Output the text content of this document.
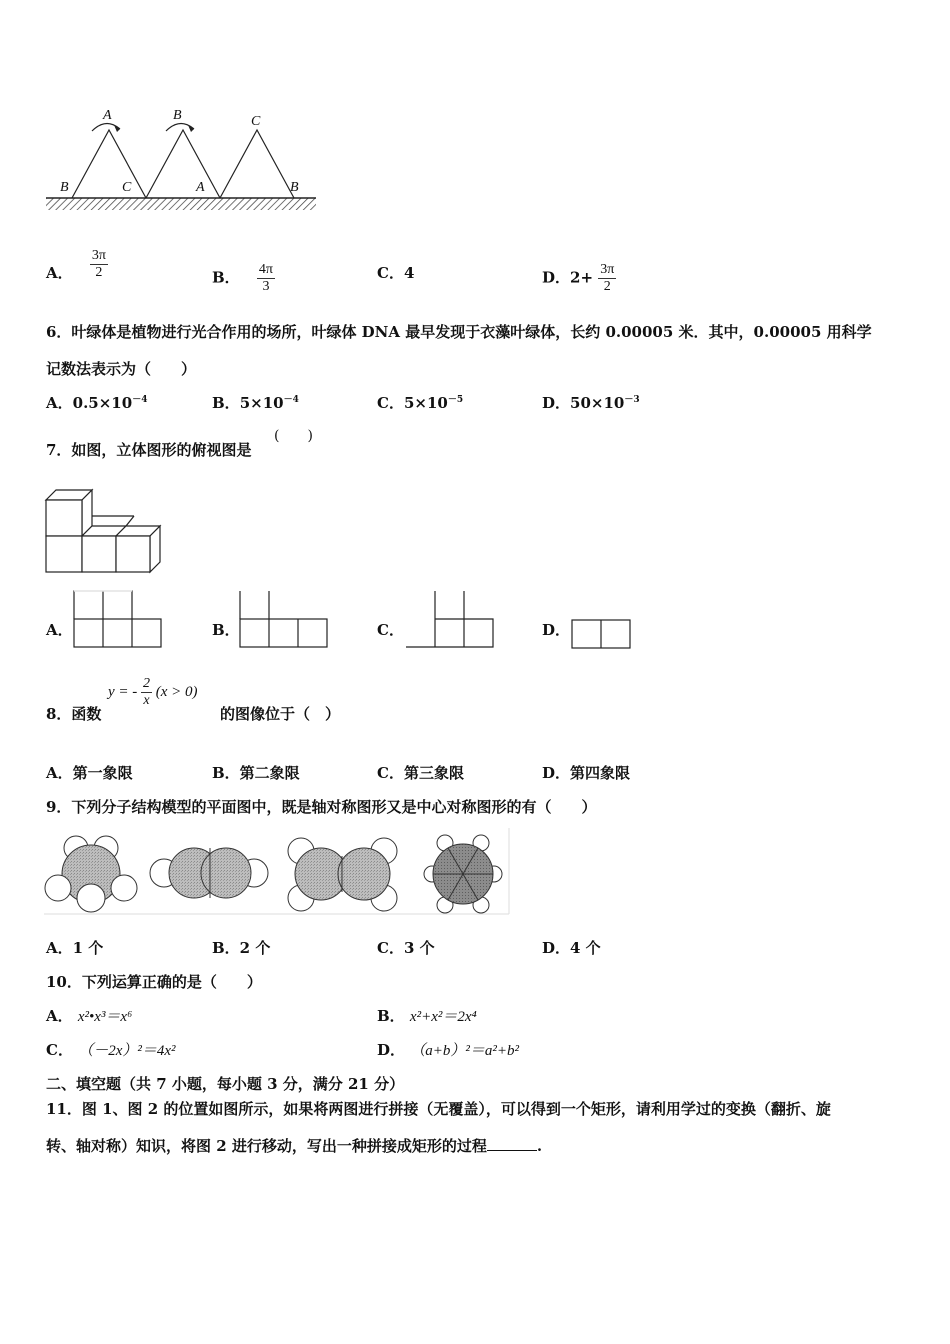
A
B
B
C
C
A	B
A． $\frac{3\pi}{2}$	B． $\frac{4\pi}{3}$	C．4	D．$2+ \frac{3\pi}{2}$
6．叶绿体是植物进行光合作用的场所，叶绿体 DNA 最早发现于衣藻叶绿体，长约 0.00005 米．其中，0.00005 用科学
记数法表示为（　　）
A．$0.5\times 10^{-4}$	B．$5\times 10^{-4}$	C．$5\times 10^{-5}$	D．$50\times 10^{-3}$
7．如图，立体图形的俯视图是
(　　)
A．	B．	C．	D．
8．函数
y = - $\frac{2}{x} (x > 0)$
的图像位于（　）
A．第一象限	B．第二象限	C．第三象限	D．第四象限
9．下列分子结构模型的平面图中，既是轴对称图形又是中心对称图形的有（　　）
A．1 个	B．2 个	C．3 个	D．4 个
10．下列运算正确的是（　　）
A． x²•x³＝x⁶	B． x²+x²＝2x⁴
C． （－2x）²＝4x²	D． （a+b）²＝a²+b²
二、填空题（共 7 小题，每小题 3 分，满分 21 分）
11．图 1、图 2 的位置如图所示，如果将两图进行拼接（无覆盖），可以得到一个矩形，请利用学过的变换（翻折、旋
转、轴对称）知识，将图 2 进行移动，写出一种拼接成矩形的过程	.
